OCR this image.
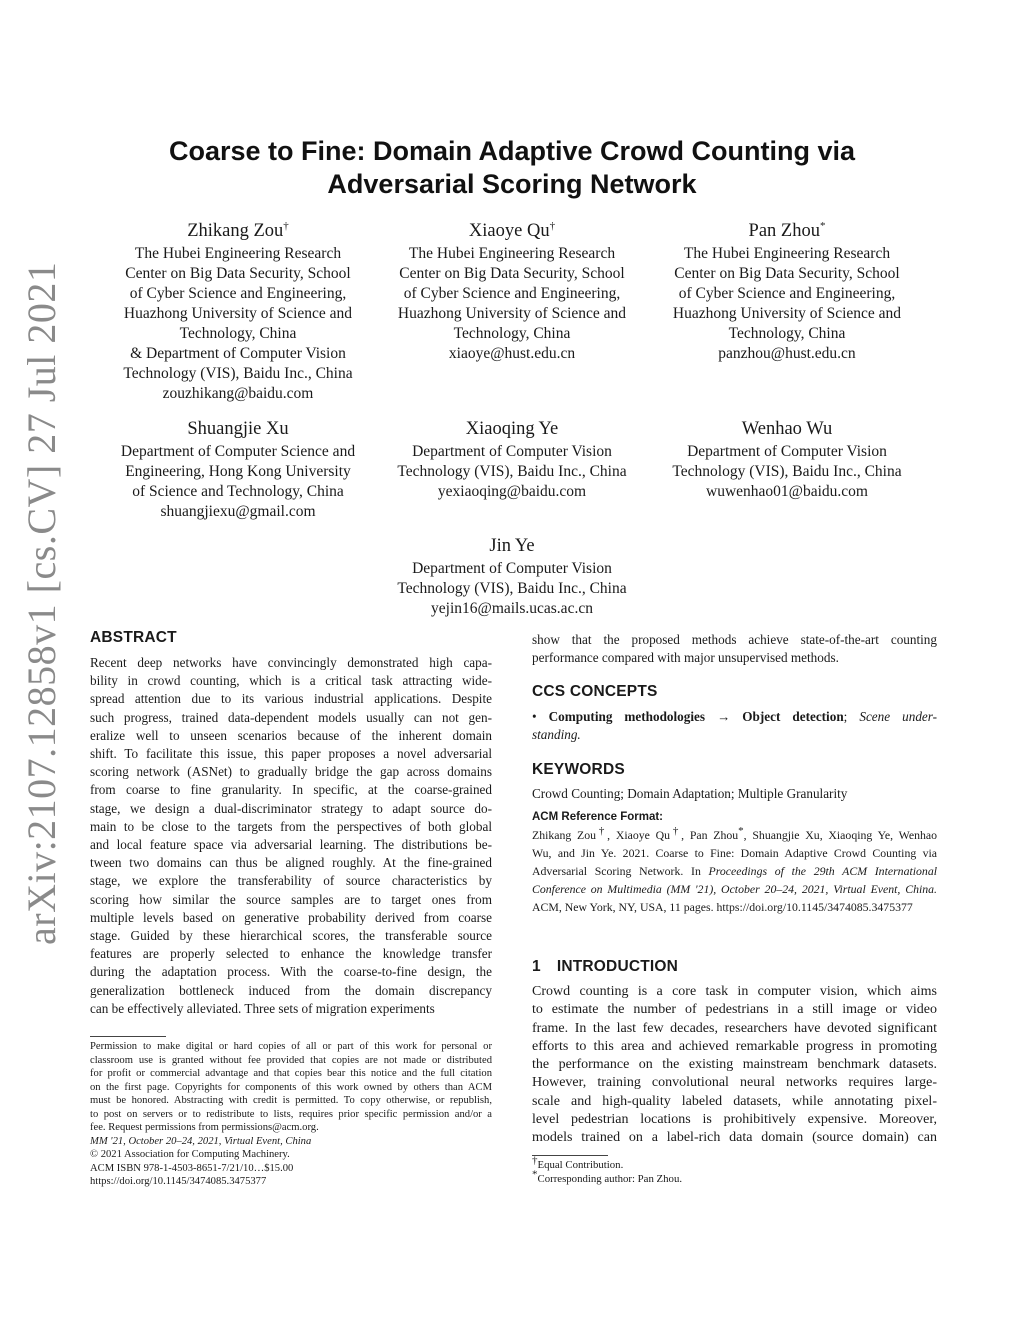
arXiv:2107.12858v1 [cs.CV] 27 Jul 2021
Coarse to Fine: Domain Adaptive Crowd Counting via
Adversarial Scoring Network
Zhikang Zou†
The Hubei Engineering Research
Center on Big Data Security, School
of Cyber Science and Engineering,
Huazhong University of Science and
Technology, China
& Department of Computer Vision
Technology (VIS), Baidu Inc., China
zouzhikang@baidu.com
Xiaoye Qu†
The Hubei Engineering Research
Center on Big Data Security, School
of Cyber Science and Engineering,
Huazhong University of Science and
Technology, China
xiaoye@hust.edu.cn
Pan Zhou*
The Hubei Engineering Research
Center on Big Data Security, School
of Cyber Science and Engineering,
Huazhong University of Science and
Technology, China
panzhou@hust.edu.cn
Shuangjie Xu
Department of Computer Science and
Engineering, Hong Kong University
of Science and Technology, China
shuangjiexu@gmail.com
Xiaoqing Ye
Department of Computer Vision
Technology (VIS), Baidu Inc., China
yexiaoqing@baidu.com
Wenhao Wu
Department of Computer Vision
Technology (VIS), Baidu Inc., China
wuwenhao01@baidu.com
Jin Ye
Department of Computer Vision
Technology (VIS), Baidu Inc., China
yejin16@mails.ucas.ac.cn
ABSTRACT
Recent deep networks have convincingly demonstrated high capa-
bility in crowd counting, which is a critical task attracting wide-
spread attention due to its various industrial applications. Despite
such progress, trained data-dependent models usually can not gen-
eralize well to unseen scenarios because of the inherent domain
shift. To facilitate this issue, this paper proposes a novel adversarial
scoring network (ASNet) to gradually bridge the gap across domains
from coarse to fine granularity. In specific, at the coarse-grained
stage, we design a dual-discriminator strategy to adapt source do-
main to be close to the targets from the perspectives of both global
and local feature space via adversarial learning. The distributions be-
tween two domains can thus be aligned roughly. At the fine-grained
stage, we explore the transferability of source characteristics by
scoring how similar the source samples are to target ones from
multiple levels based on generative probability derived from coarse
stage. Guided by these hierarchical scores, the transferable source
features are properly selected to enhance the knowledge transfer
during the adaptation process. With the coarse-to-fine design, the
generalization bottleneck induced from the domain discrepancy
can be effectively alleviated. Three sets of migration experiments
Permission to make digital or hard copies of all or part of this work for personal or
classroom use is granted without fee provided that copies are not made or distributed
for profit or commercial advantage and that copies bear this notice and the full citation
on the first page. Copyrights for components of this work owned by others than ACM
must be honored. Abstracting with credit is permitted. To copy otherwise, or republish,
to post on servers or to redistribute to lists, requires prior specific permission and/or a
fee. Request permissions from permissions@acm.org.
MM '21, October 20–24, 2021, Virtual Event, China
© 2021 Association for Computing Machinery.
ACM ISBN 978-1-4503-8651-7/21/10…$15.00
https://doi.org/10.1145/3474085.3475377
show that the proposed methods achieve state-of-the-art counting
performance compared with major unsupervised methods.
CCS CONCEPTS
• Computing methodologies → Object detection; Scene under-
standing.
KEYWORDS
Crowd Counting; Domain Adaptation; Multiple Granularity
ACM Reference Format:
Zhikang Zou†, Xiaoye Qu†, Pan Zhou*, Shuangjie Xu, Xiaoqing Ye, Wenhao
Wu, and Jin Ye. 2021. Coarse to Fine: Domain Adaptive Crowd Counting via
Adversarial Scoring Network. In Proceedings of the 29th ACM International
Conference on Multimedia (MM '21), October 20–24, 2021, Virtual Event, China.
ACM, New York, NY, USA, 11 pages. https://doi.org/10.1145/3474085.3475377
1 INTRODUCTION
Crowd counting is a core task in computer vision, which aims
to estimate the number of pedestrians in a still image or video
frame. In the last few decades, researchers have devoted significant
efforts to this area and achieved remarkable progress in promoting
the performance on the existing mainstream benchmark datasets.
However, training convolutional neural networks requires large-
scale and high-quality labeled datasets, while annotating pixel-
level pedestrian locations is prohibitively expensive. Moreover,
models trained on a label-rich data domain (source domain) can
†Equal Contribution.
*Corresponding author: Pan Zhou.
